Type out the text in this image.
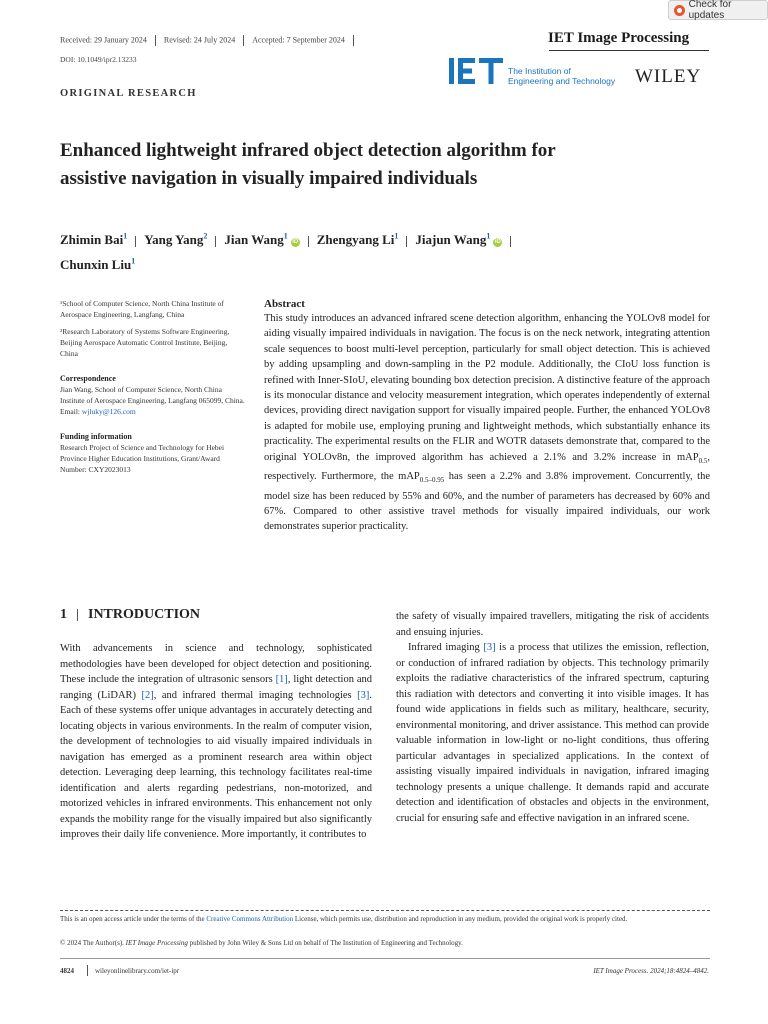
Check for updates
Received: 29 January 2024 Revised: 24 July 2024 Accepted: 7 September 2024	IET Image Processing
DOI: 10.1049/ipr2.13233
The Institution of
Engineering and Technology WILEY
ORIGINAL RESEARCH
Enhanced lightweight infrared object detection algorithm for
assistive navigation in visually impaired individuals
Zhimin Bai$^1$ Yang Yang$^2$ Jian Wang$^1$iD Zhengyang Li$^1$ Jiajun Wang$^1$iD
Chunxin Liu$^1$
¹School of Computer Science, North China Institute of Aerospace Engineering, Langfang, China
²Research Laboratory of Systems Software Engineering, Beijing Aerospace Automatic Control Institute, Beijing, China
Correspondence
Jian Wang, School of Computer Science, North China Institute of Aerospace Engineering, Langfang 065099, China.
Email: wjluky@126.com
Funding information
Research Project of Science and Technology for Hebei Province Higher Education Institutions, Grant/Award Number: CXY2023013
Abstract
This study introduces an advanced infrared scene detection algorithm, enhancing the YOLOv8 model for aiding visually impaired individuals in navigation. The focus is on the neck network, integrating attention scale sequences to boost multi-level perception, particularly for small object detection. This is achieved by adding upsampling and down-sampling in the P2 module. Additionally, the CIoU loss function is refined with Inner-SIoU, elevating bounding box detection precision. A distinctive feature of the approach is its monocular distance and velocity measurement integration, which operates independently of external devices, providing direct navigation support for visually impaired people. Further, the enhanced YOLOv8 is adapted for mobile use, employing pruning and lightweight methods, which substantially enhance its practicality. The experimental results on the FLIR and WOTR datasets demonstrate that, compared to the original YOLOv8n, the improved algorithm has achieved a 2.1% and 3.2% increase in mAP$_{0.5}$, respectively. Furthermore, the mAP$_{0.5-0.95}$ has seen a 2.2% and 3.8% improvement. Concurrently, the model size has been reduced by 55% and 60%, and the number of parameters has decreased by 60% and 67%. Compared to other assistive travel methods for visually impaired individuals, our work demonstrates superior practicality.
1 INTRODUCTION
With advancements in science and technology, sophisticated methodologies have been developed for object detection and positioning. These include the integration of ultrasonic sensors [1], light detection and ranging (LiDAR) [2], and infrared thermal imaging technologies [3]. Each of these systems offer unique advantages in accurately detecting and locating objects in various environments. In the realm of computer vision, the development of technologies to aid visually impaired individuals in navigation has emerged as a prominent research area within object detection. Leveraging deep learning, this technology facilitates real-time identification and alerts regarding pedestrians, non-motorized, and motorized vehicles in infrared environments. This enhancement not only expands the mobility range for the visually impaired but also significantly improves their daily life convenience. More importantly, it contributes to
the safety of visually impaired travellers, mitigating the risk of accidents and ensuing injuries.
Infrared imaging [3] is a process that utilizes the emission, reflection, or conduction of infrared radiation by objects. This technology primarily exploits the radiative characteristics of the infrared spectrum, capturing this radiation with detectors and converting it into visible images. It has found wide applications in fields such as military, healthcare, security, environmental monitoring, and driver assistance. This method can provide valuable information in low-light or no-light conditions, thus offering particular advantages in specialized applications. In the context of assisting visually impaired individuals in navigation, infrared imaging technology presents a unique challenge. It demands rapid and accurate detection and identification of obstacles and objects in the environment, crucial for ensuring safe and effective navigation in an infrared scene.
This is an open access article under the terms of the Creative Commons Attribution License, which permits use, distribution and reproduction in any medium, provided the original work is properly cited.
© 2024 The Author(s). IET Image Processing published by John Wiley & Sons Ltd on behalf of The Institution of Engineering and Technology.
4824	wileyonlinelibrary.com/iet-ipr	IET Image Process. 2024;18:4824–4842.
